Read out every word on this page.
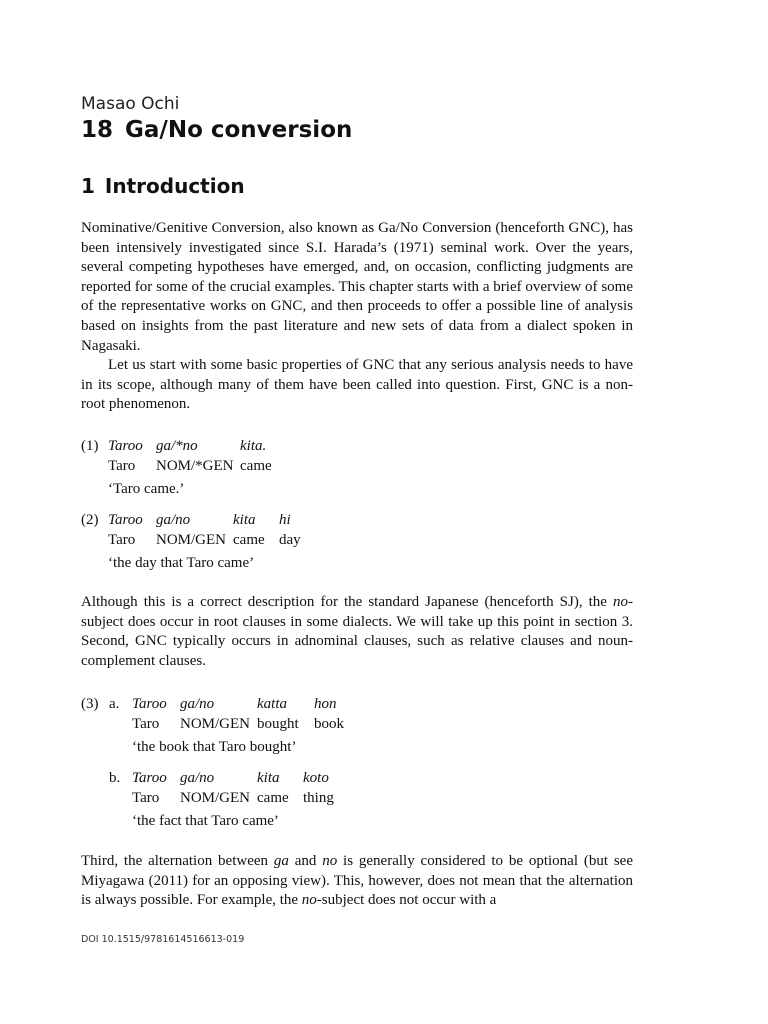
Masao Ochi
18 Ga/No conversion
1 Introduction

Nominative/Genitive Conversion, also known as Ga/No Conversion (henceforth GNC), has been intensively investigated since S.I. Harada’s (1971) seminal work. Over the years, several competing hypotheses have emerged, and, on occasion, conflicting judgments are reported for some of the crucial examples. This chapter starts with a brief overview of some of the representative works on GNC, and then proceeds to offer a possible line of analysis based on insights from the past literature and new sets of data from a dialect spoken in Nagasaki.

Let us start with some basic properties of GNC that any serious analysis needs to have in its scope, although many of them have been called into question. First, GNC is a non-root phenomenon.

(1) Taroo ga/*no	kita.
Taro NOM/*GEN came
‘Taro came.’
(2) Taroo ga/no	kita hi
Taro NOM/GEN came day
‘the day that Taro came’

Although this is a correct description for the standard Japanese (henceforth SJ), the no-subject does occur in root clauses in some dialects. We will take up this point in section 3. Second, GNC typically occurs in adnominal clauses, such as relative clauses and noun-complement clauses.

(3) a. Taroo ga/no	katta hon
Taro NOM/GEN bought book
‘the book that Taro bought’
b. Taroo ga/no	kita koto
Taro NOM/GEN came thing
‘the fact that Taro came’

Third, the alternation between ga and no is generally considered to be optional (but see Miyagawa (2011) for an opposing view). This, however, does not mean that the alternation is always possible. For example, the no-subject does not occur with a

DOI 10.1515/9781614516613-019
